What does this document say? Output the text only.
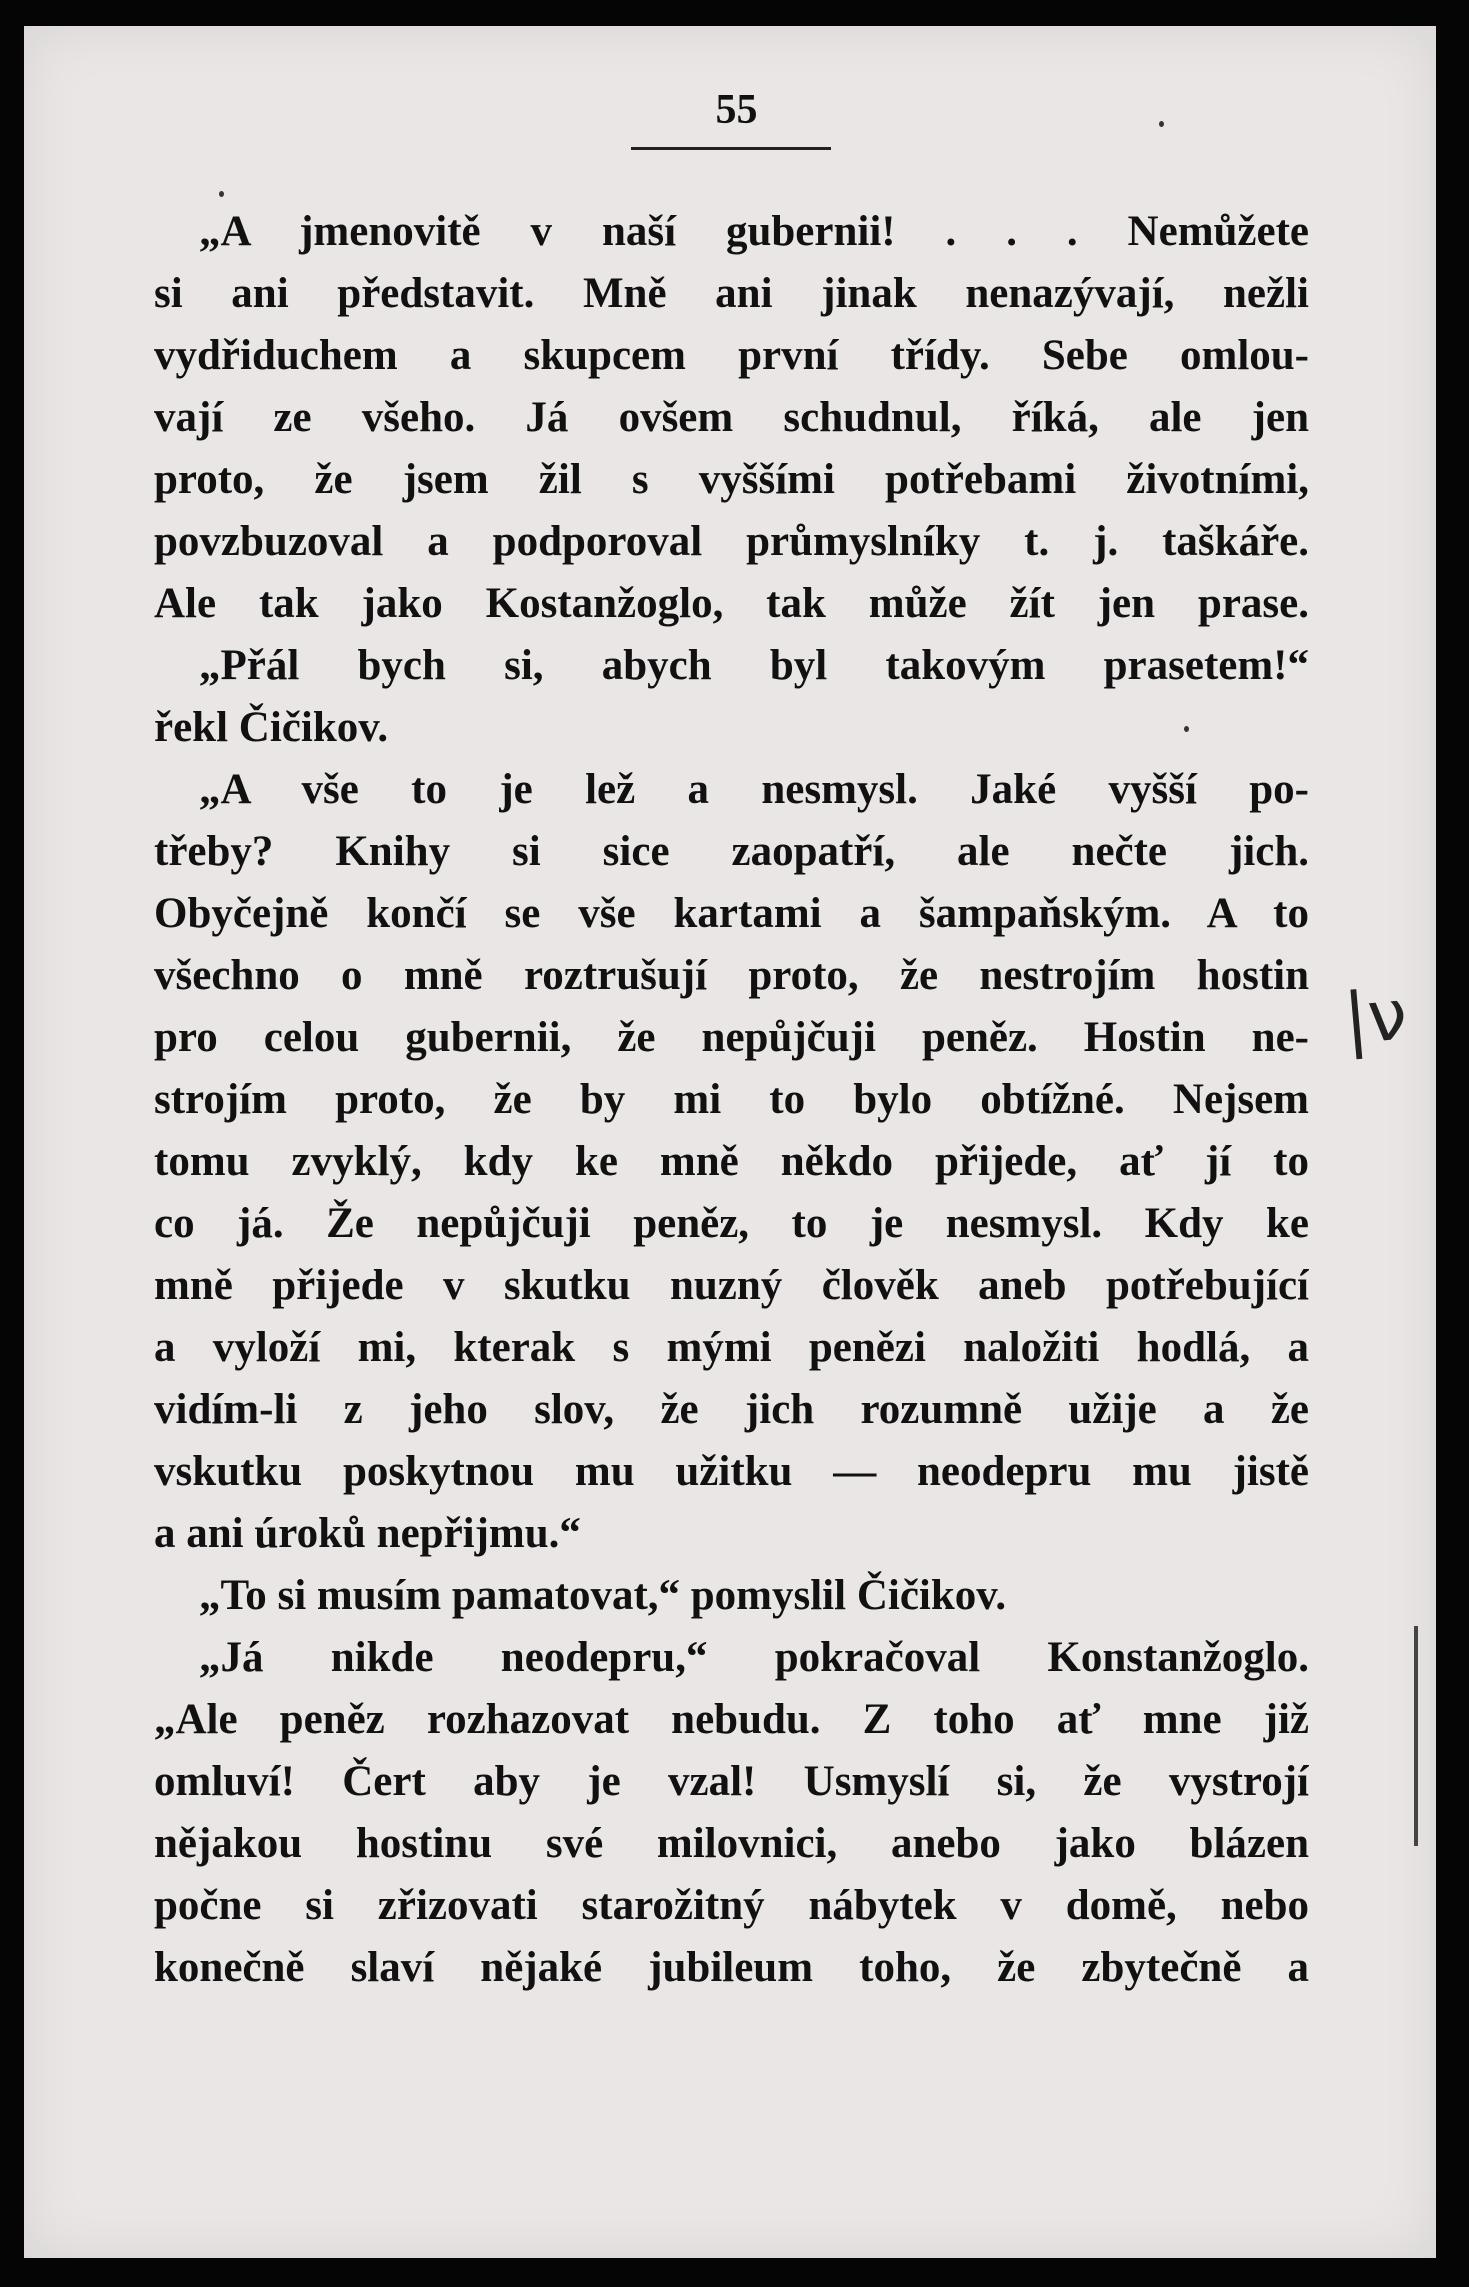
55
„A jmenovitě v naší gubernii! . . . Nemůžete
si ani představit. Mně ani jinak nenazývají, nežli
vydřiduchem a skupcem první třídy. Sebe omlou-
vají ze všeho. Já ovšem schudnul, říká, ale jen
proto, že jsem žil s vyššími potřebami životními,
povzbuzoval a podporoval průmyslníky t. j. taškáře.
Ale tak jako Kostanžoglo, tak může žít jen prase.
„Přál bych si, abych byl takovým prasetem!“
řekl Čičikov.
„A vše to je lež a nesmysl. Jaké vyšší po-
třeby? Knihy si sice zaopatří, ale nečte jich.
Obyčejně končí se vše kartami a šampaňským. A to
všechno o mně roztrušují proto, že nestrojím hostin
pro celou gubernii, že nepůjčuji peněz. Hostin ne-
strojím proto, že by mi to bylo obtížné. Nejsem
tomu zvyklý, kdy ke mně někdo přijede, ať jí to
co já. Že nepůjčuji peněz, to je nesmysl. Kdy ke
mně přijede v skutku nuzný člověk aneb potřebující
a vyloží mi, kterak s mými penězi naložiti hodlá, a
vidím-li z jeho slov, že jich rozumně užije a že
vskutku poskytnou mu užitku — neodepru mu jistě
a ani úroků nepřijmu.“
„To si musím pamatovat,“ pomyslil Čičikov.
„Já nikde neodepru,“ pokračoval Konstanžoglo.
„Ale peněz rozhazovat nebudu. Z toho ať mne již
omluví! Čert aby je vzal! Usmyslí si, že vystrojí
nějakou hostinu své milovnici, anebo jako blázen
počne si zřizovati starožitný nábytek v domě, nebo
konečně slaví nějaké jubileum toho, že zbytečně a
|ν
